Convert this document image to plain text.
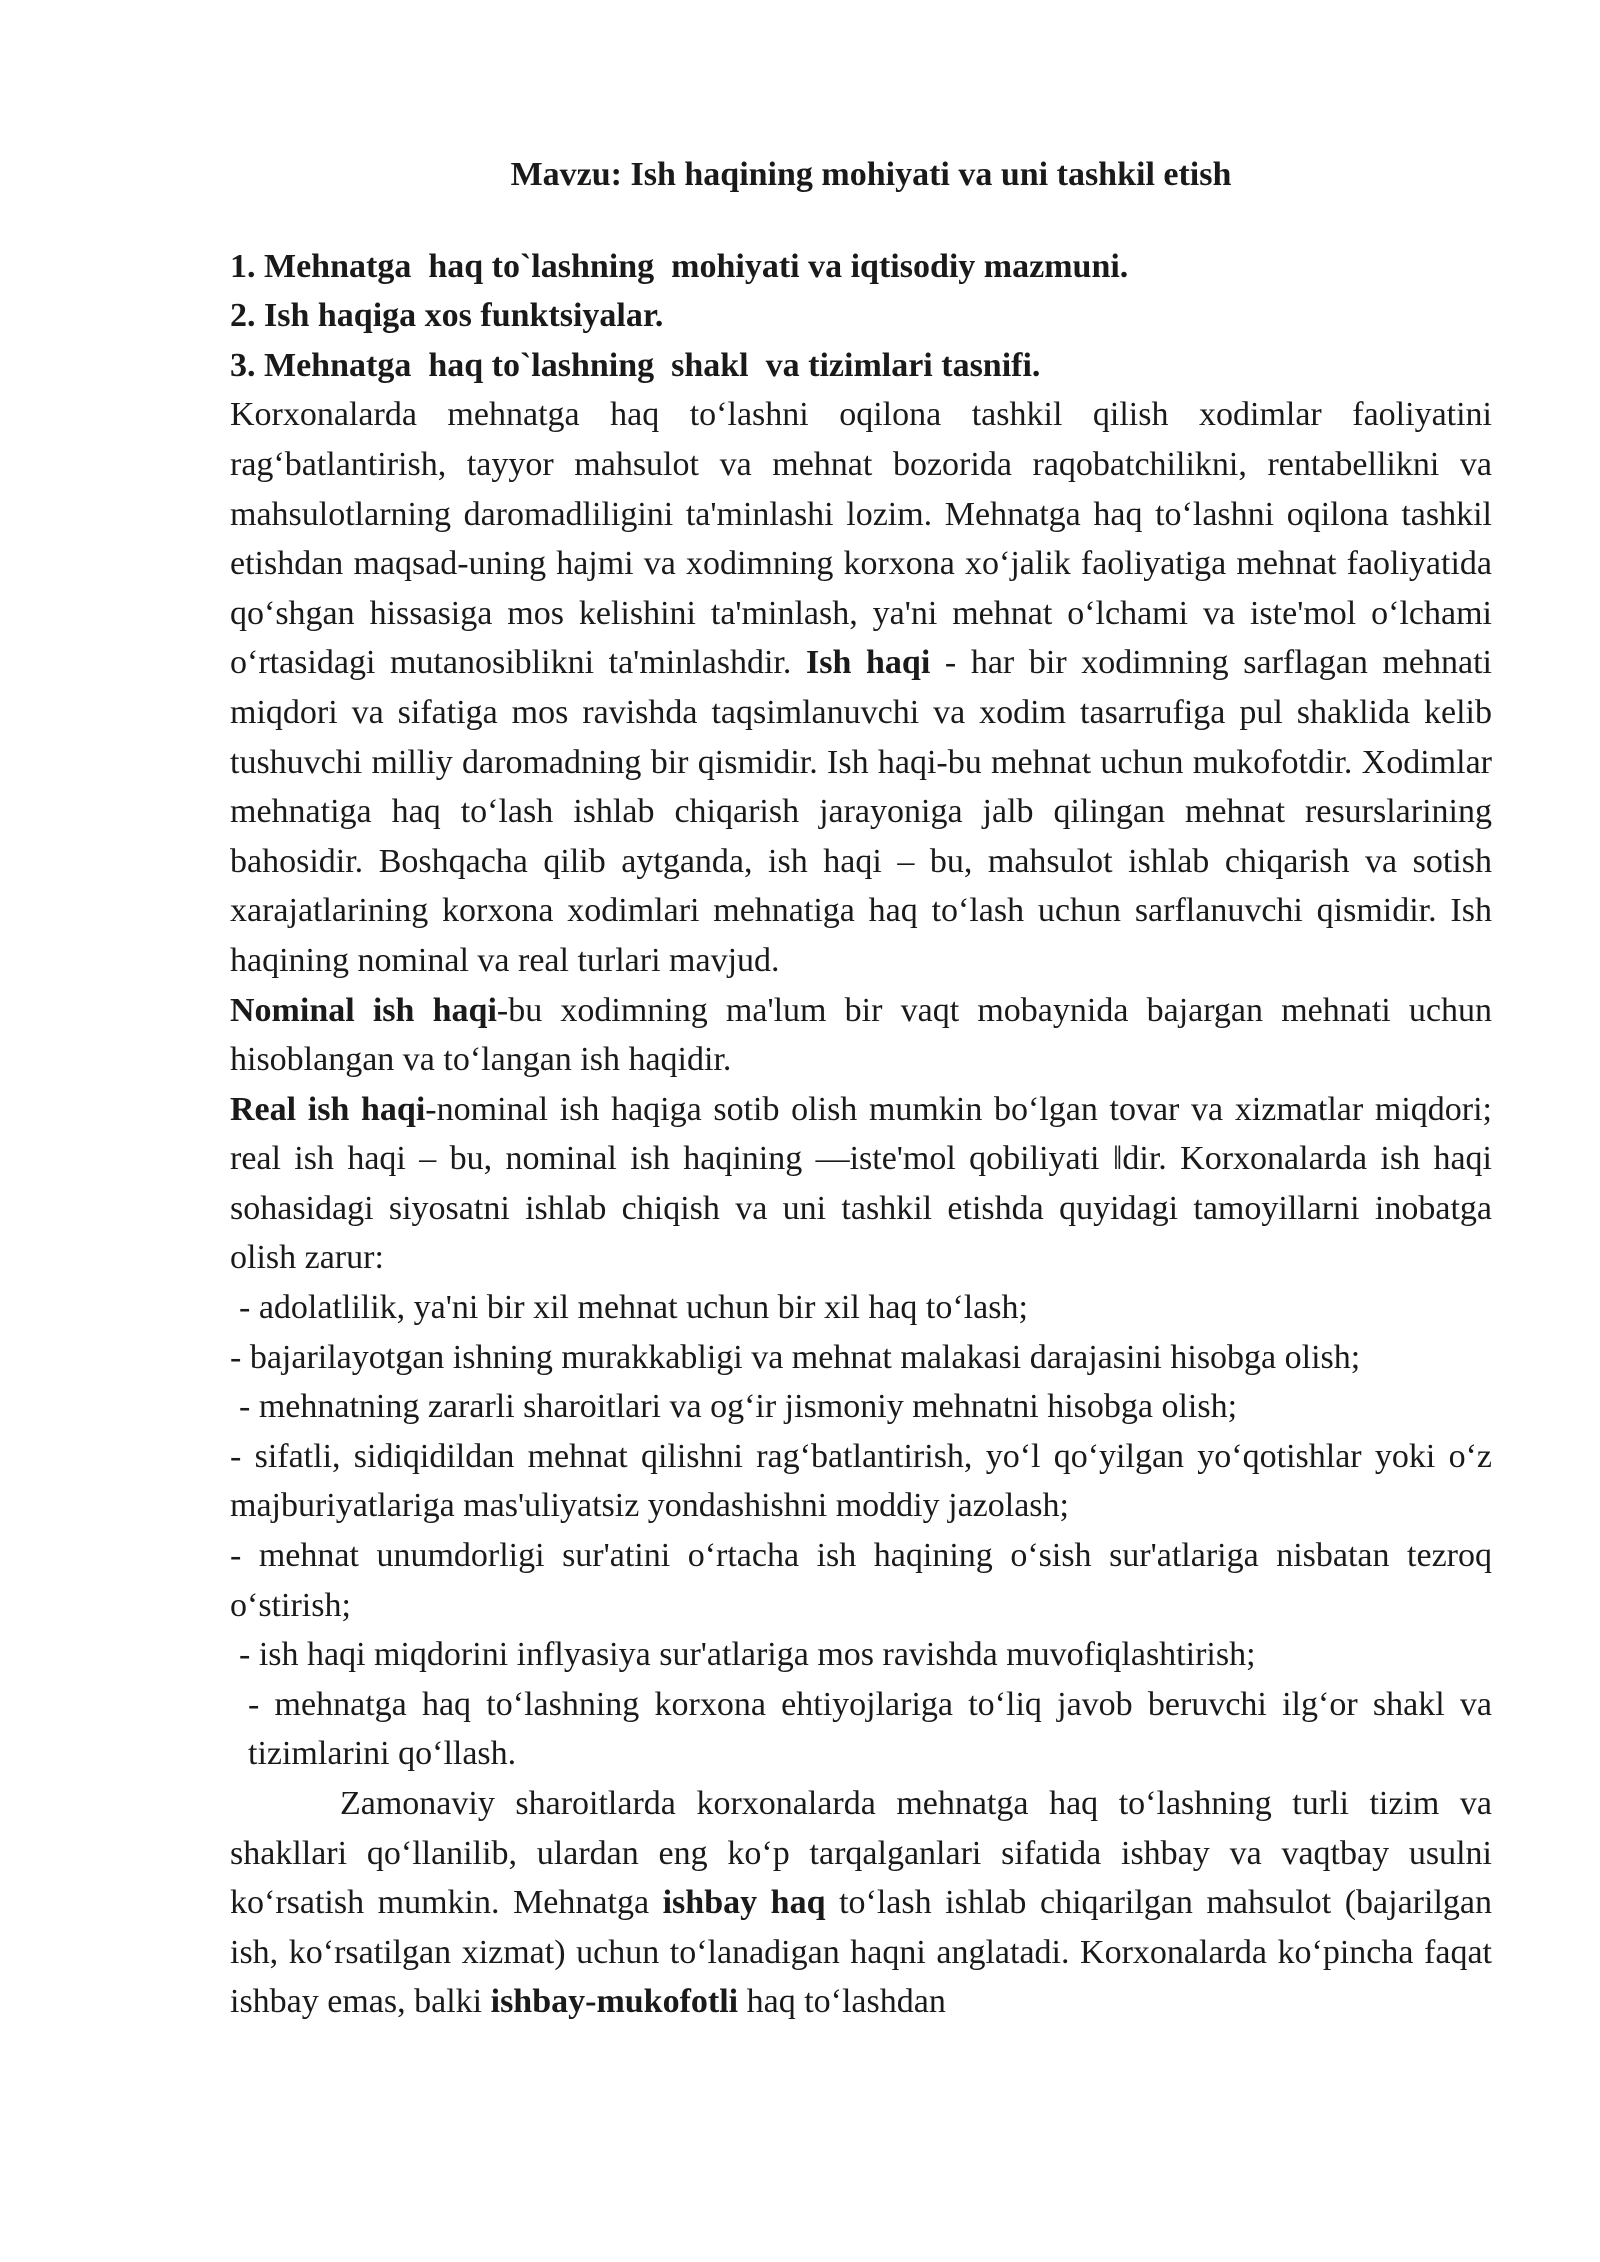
Mavzu: Ish haqining mohiyati va uni tashkil etish
1. Mehnatga  haq to`lashning  mohiyati va iqtisodiy mazmuni.
2. Ish haqiga xos funktsiyalar.
3. Mehnatga  haq to`lashning  shakl  va tizimlari tasnifi.

Korxonalarda mehnatga haq to‘lashni oqilona tashkil qilish xodimlar faoliyatini rag‘batlantirish, tayyor mahsulot va mehnat bozorida raqobatchilikni, rentabellikni va mahsulotlarning daromadliligini ta'minlashi lozim. Mehnatga haq to‘lashni oqilona tashkil etishdan maqsad-uning hajmi va xodimning korxona xo‘jalik faoliyatiga mehnat faoliyatida qo‘shgan hissasiga mos kelishini ta'minlash, ya'ni mehnat o‘lchami va iste'mol o‘lchami o‘rtasidagi mutanosiblikni ta'minlashdir. Ish haqi - har bir xodimning sarflagan mehnati miqdori va sifatiga mos ravishda taqsimlanuvchi va xodim tasarrufiga pul shaklida kelib tushuvchi milliy daromadning bir qismidir. Ish haqi-bu mehnat uchun mukofotdir. Xodimlar mehnatiga haq to‘lash ishlab chiqarish jarayoniga jalb qilingan mehnat resurslarining bahosidir. Boshqacha qilib aytganda, ish haqi – bu, mahsulot ishlab chiqarish va sotish xarajatlarining korxona xodimlari mehnatiga haq to‘lash uchun sarflanuvchi qismidir. Ish haqining nominal va real turlari mavjud.

Nominal ish haqi-bu xodimning ma'lum bir vaqt mobaynida bajargan mehnati uchun hisoblangan va to‘langan ish haqidir.

Real ish haqi-nominal ish haqiga sotib olish mumkin bo‘lgan tovar va xizmatlar miqdori; real ish haqi – bu, nominal ish haqining ―iste'mol qobiliyati ‖dir. Korxonalarda ish haqi sohasidagi siyosatni ishlab chiqish va uni tashkil etishda quyidagi tamoyillarni inobatga olish zarur:

- adolatlilik, ya'ni bir xil mehnat uchun bir xil haq to‘lash;

- bajarilayotgan ishning murakkabligi va mehnat malakasi darajasini hisobga olish;

- mehnatning zararli sharoitlari va og‘ir jismoniy mehnatni hisobga olish;

- sifatli, sidiqidildan mehnat qilishni rag‘batlantirish, yo‘l qo‘yilgan yo‘qotishlar yoki o‘z majburiyatlariga mas'uliyatsiz yondashishni moddiy jazolash;

- mehnat unumdorligi sur'atini o‘rtacha ish haqining o‘sish sur'atlariga nisbatan tezroq o‘stirish;

- ish haqi miqdorini inflyasiya sur'atlariga mos ravishda muvofiqlashtirish;

- mehnatga haq to‘lashning korxona ehtiyojlariga to‘liq javob beruvchi ilg‘or shakl va tizimlarini qo‘llash.

Zamonaviy sharoitlarda korxonalarda mehnatga haq to‘lashning turli tizim va shakllari qo‘llanilib, ulardan eng ko‘p tarqalganlari sifatida ishbay va vaqtbay usulni ko‘rsatish mumkin. Mehnatga ishbay haq to‘lash ishlab chiqarilgan mahsulot (bajarilgan ish, ko‘rsatilgan xizmat) uchun to‘lanadigan haqni anglatadi. Korxonalarda ko‘pincha faqat ishbay emas, balki ishbay-mukofotli haq to‘lashdan
